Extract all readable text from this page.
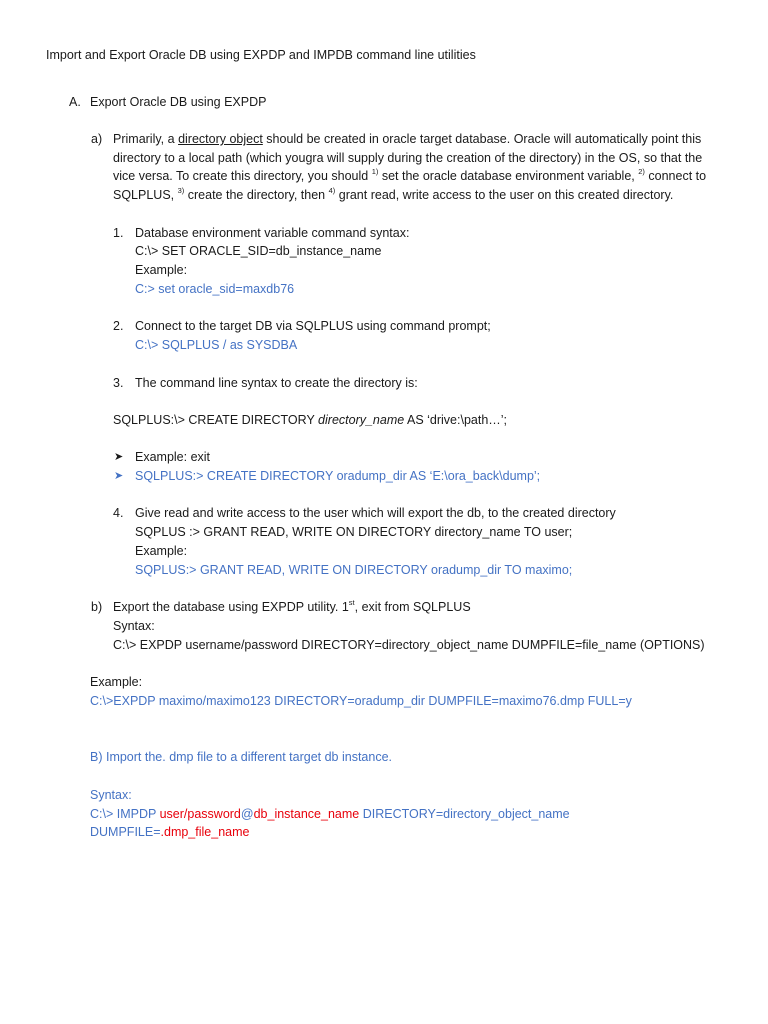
Import and Export Oracle DB using EXPDP and IMPDB command line utilities
A. Export Oracle DB using EXPDP
a) Primarily, a directory object should be created in oracle target database. Oracle will automatically point this
directory to a local path (which yougra will supply during the creation of the directory) in the OS, so that the
vice versa. To create this directory, you should $^{1)}$ set the oracle database environment variable, $^{2)}$ connect to
SQLPLUS, $^{3)}$ create the directory, then $^{4)}$ grant read, write access to the user on this created directory.
1. Database environment variable command syntax:
C:\> SET ORACLE_SID=db_instance_name
Example:
C:> set oracle_sid=maxdb76
2. Connect to the target DB via SQLPLUS using command prompt;
C:\> SQLPLUS / as SYSDBA
3. The command line syntax to create the directory is:
SQLPLUS:\> CREATE DIRECTORY directory_name AS ‘drive:\path…’;
➤ Example: exit
➤ SQLPLUS:> CREATE DIRECTORY oradump_dir AS ‘E:\ora_back\dump’;
4. Give read and write access to the user which will export the db, to the created directory
SQPLUS :> GRANT READ, WRITE ON DIRECTORY directory_name TO user;
Example:
SQPLUS:> GRANT READ, WRITE ON DIRECTORY oradump_dir TO maximo;
b) Export the database using EXPDP utility. 1st, exit from SQLPLUS
Syntax:
C:\> EXPDP username/password DIRECTORY=directory_object_name DUMPFILE=file_name (OPTIONS)
Example:
C:\>EXPDP maximo/maximo123 DIRECTORY=oradump_dir DUMPFILE=maximo76.dmp FULL=y
B) Import the. dmp file to a different target db instance.
Syntax:
C:\> IMPDP user/password@db_instance_name DIRECTORY=directory_object_name
DUMPFILE=.dmp_file_name
